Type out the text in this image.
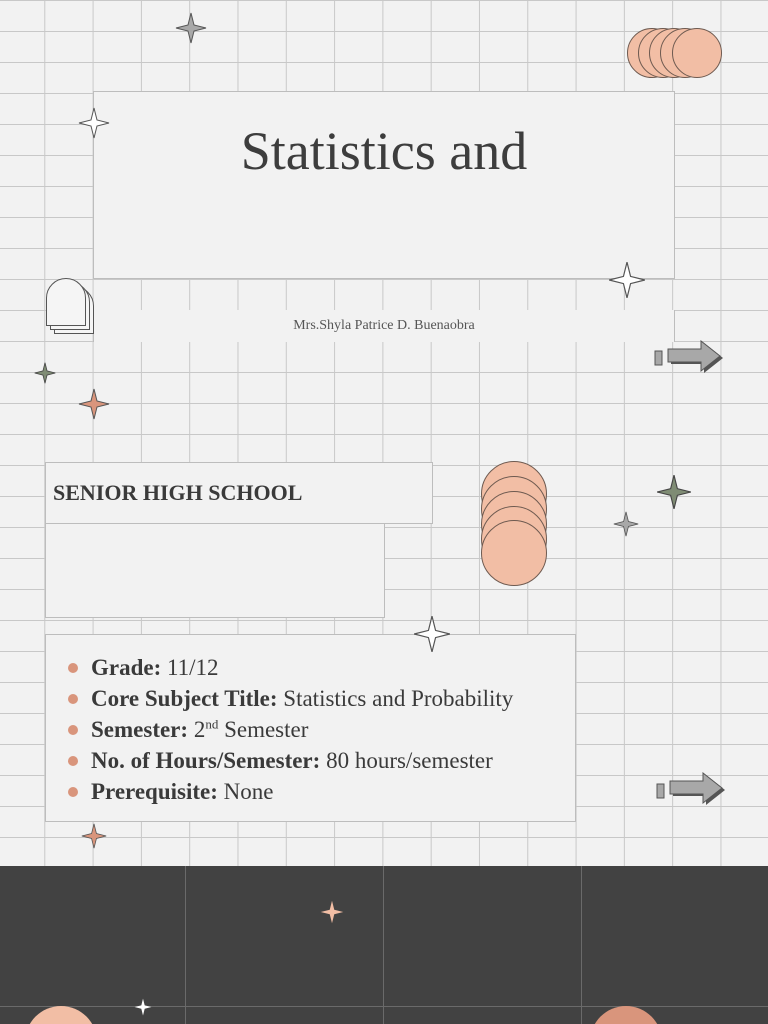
Statistics and
Mrs.Shyla Patrice D. Buenaobra
SENIOR HIGH SCHOOL
Grade: 11/12
Core Subject Title: Statistics and Probability
Semester: 2nd Semester
No. of Hours/Semester: 80 hours/semester
Prerequisite: None
